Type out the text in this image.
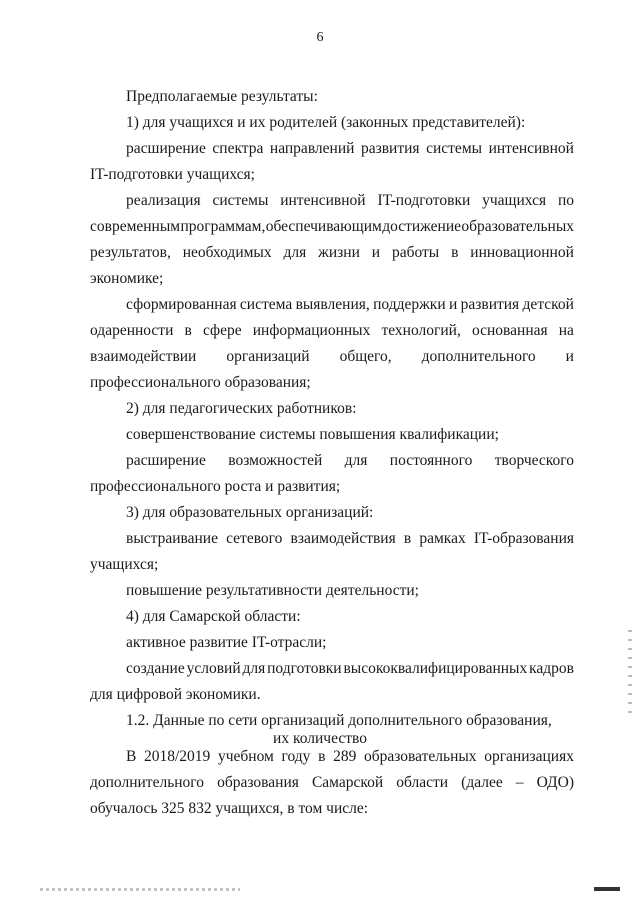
6
Предполагаемые результаты:
1) для учащихся и их родителей (законных представителей):
расширение спектра направлений развития системы интенсивной
IT-подготовки учащихся;
реализация системы интенсивной IT-подготовки учащихся по
современным программам, обеспечивающим достижение образовательных
результатов, необходимых для жизни и работы в инновационной
экономике;
сформированная система выявления, поддержки и развития детской
одаренности в сфере информационных технологий, основанная на
взаимодействии организаций общего, дополнительного и
профессионального образования;
2) для педагогических работников:
совершенствование системы повышения квалификации;
расширение возможностей для постоянного творческого
профессионального роста и развития;
3) для образовательных организаций:
выстраивание сетевого взаимодействия в рамках IT-образования
учащихся;
повышение результативности деятельности;
4) для Самарской области:
активное развитие IT-отрасли;
создание условий для подготовки высококвалифицированных кадров
для цифровой экономики.
1.2. Данные по сети организаций дополнительного образования,
их количество
В 2018/2019 учебном году в 289 образовательных организациях
дополнительного образования Самарской области (далее – ОДО)
обучалось 325 832 учащихся, в том числе:
